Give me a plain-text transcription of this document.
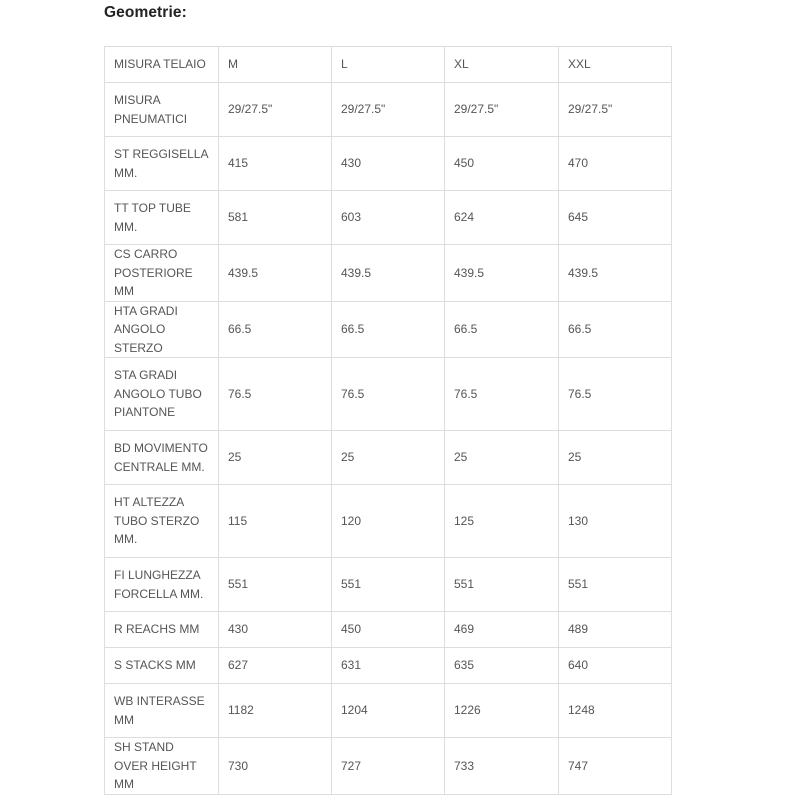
Geometrie:
MISURA TELAIO	M	L	XL	XXL
MISURA PNEUMATICI	29/27.5"	29/27.5"	29/27.5"	29/27.5"
ST REGGISELLA MM.	415	430	450	470
TT TOP TUBE MM.	581	603	624	645
CS CARRO POSTERIORE MM	439.5	439.5	439.5	439.5
HTA GRADI ANGOLO STERZO	66.5	66.5	66.5	66.5
STA GRADI ANGOLO TUBO PIANTONE	76.5	76.5	76.5	76.5
BD MOVIMENTO CENTRALE MM.	25	25	25	25
HT ALTEZZA TUBO STERZO MM.	115	120	125	130
FI LUNGHEZZA FORCELLA MM.	551	551	551	551
R REACHS MM	430	450	469	489
S STACKS MM	627	631	635	640
WB INTERASSE MM	1182	1204	1226	1248
SH STAND OVER HEIGHT MM	730	727	733	747
